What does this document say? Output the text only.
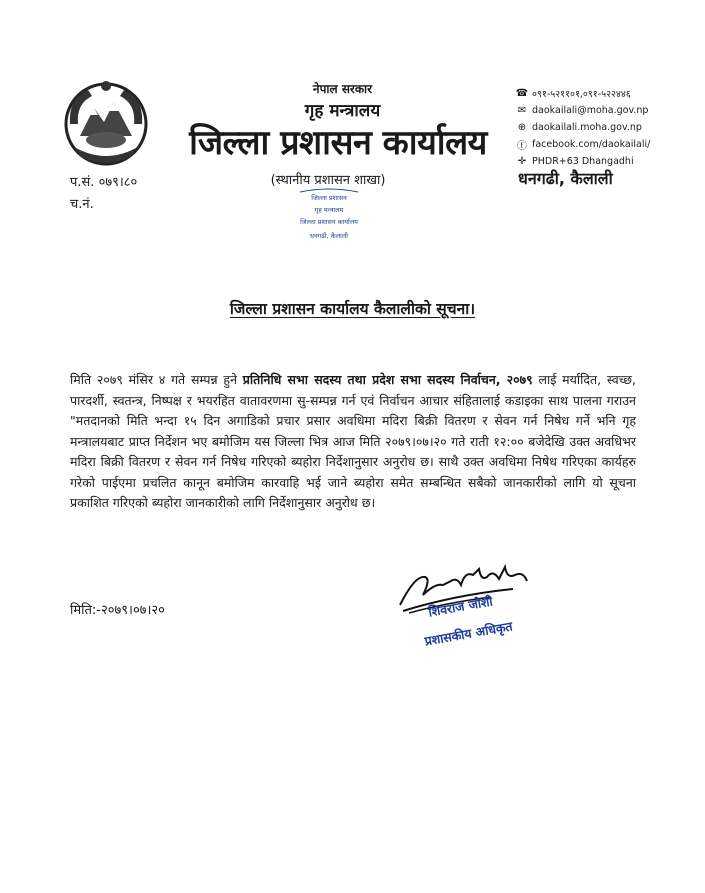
नेपाल सरकार
गृह मन्त्रालय
जिल्ला प्रशासन कार्यालय
(स्थानीय प्रशासन शाखा)
☎ ०९१-५२११०१,०९१-५२२४४६
✉ daokailali@moha.gov.np
⊕ daokailali.moha.gov.np
ⓕ facebook.com/daokailali/
✛ PHDR+63 Dhangadhi
धनगढी, कैलाली
प.सं. ०७९।८०
च.नं.	जिल्ला प्रशासन
गृह मन्त्रालय
जिल्ला प्रशासन कार्यालय
धनगढी, कैलाली
जिल्ला प्रशासन कार्यालय कैलालीको सूचना।
मिति २०७९ मंसिर ४ गते सम्पन्न हुने प्रतिनिधि सभा सदस्य तथा प्रदेश सभा सदस्य निर्वाचन, २०७९ लाई मर्यादित, स्वच्छ, पारदर्शी, स्वतन्त्र, निष्पक्ष र भयरहित वातावरणमा सु-सम्पन्न गर्न एवं निर्वाचन आचार संहितालाई कडाइका साथ पालना गराउन "मतदानको मिति भन्दा १५ दिन अगाडिको प्रचार प्रसार अवधिमा मदिरा बिक्री वितरण र सेवन गर्न निषेध गर्ने भनि गृह मन्त्रालयबाट प्राप्त निर्देशन भए बमोजिम यस जिल्ला भित्र आज मिति २०७९।०७।२० गते राती १२:०० बजेदेखि उक्त अवधिभर मदिरा बिक्री वितरण र सेवन गर्न निषेध गरिएको ब्यहोरा निर्देशानुसार अनुरोध छ। साथै उक्त अवधिमा निषेध गरिएका कार्यहरु गरेको पाईएमा प्रचलित कानून बमोजिम कारवाहि भई जाने ब्यहोरा समेत सम्बन्धित सबैको जानकारीको लागि यो सूचना प्रकाशित गरिएको ब्यहोरा जानकारीको लागि निर्देशानुसार अनुरोध छ।
मिति:-२०७९।०७।२०	शिवराज जोशी
प्रशासकीय अधिकृत
